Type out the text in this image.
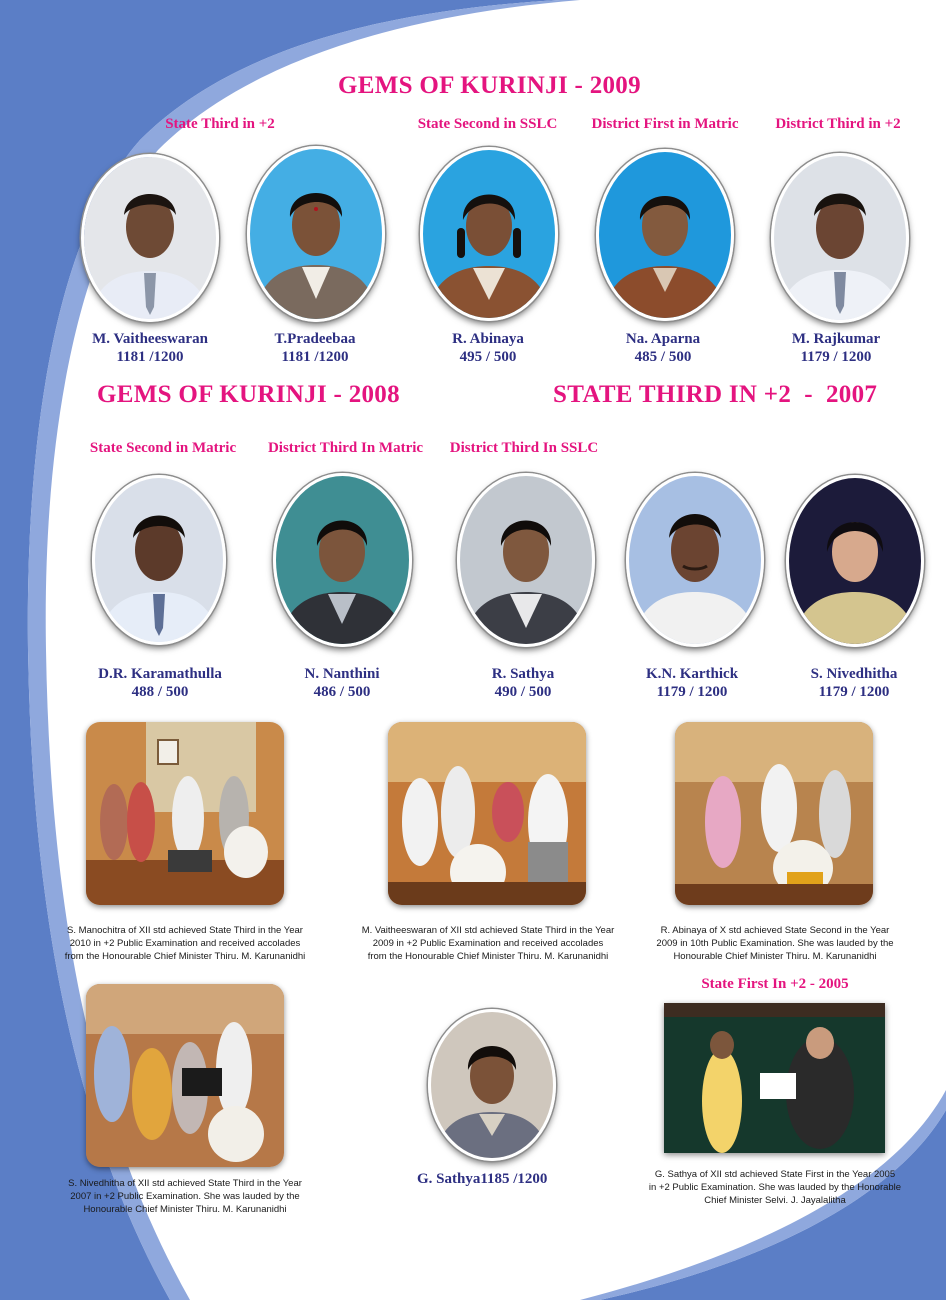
GEMS OF KURINJI - 2009
GEMS OF KURINJI - 2008	STATE THIRD IN +2  -  2007
State Third in +2	State Second in SSLC	District First in Matric	District Third in +2
M. Vaitheeswaran
1181 /1200
T.Pradeebaa
1181 /1200
R. Abinaya
495 / 500
Na. Aparna
485 / 500
M. Rajkumar
1179 / 1200
State Second in Matric	District Third In Matric	District Third In SSLC
D.R. Karamathulla
488 / 500
N. Nanthini
486 / 500
R. Sathya
490 / 500
K.N. Karthick
1179 / 1200
S. Nivedhitha
1179 / 1200
S. Manochitra of XII std achieved State Third in the Year
2010 in +2 Public Examination and received accolades
from the Honourable Chief Minister Thiru. M. Karunanidhi
M. Vaitheeswaran of XII std achieved State Third in the Year
2009 in +2 Public Examination and received accolades
from the Honourable Chief Minister Thiru. M. Karunanidhi
R. Abinaya of X std achieved State Second in the Year
2009 in 10th Public Examination. She was lauded by the
Honourable Chief Minister Thiru. M. Karunanidhi
State First In +2 - 2005
S. Nivedhitha of XII std achieved State Third in the Year
2007 in +2 Public Examination. She was lauded by the
Honourable Chief Minister Thiru. M. Karunanidhi
G. Sathya1185 /1200	G. Sathya of XII std achieved State First in the Year 2005
in +2 Public Examination. She was lauded by the Honorable
Chief Minister Selvi. J. Jayalalitha
